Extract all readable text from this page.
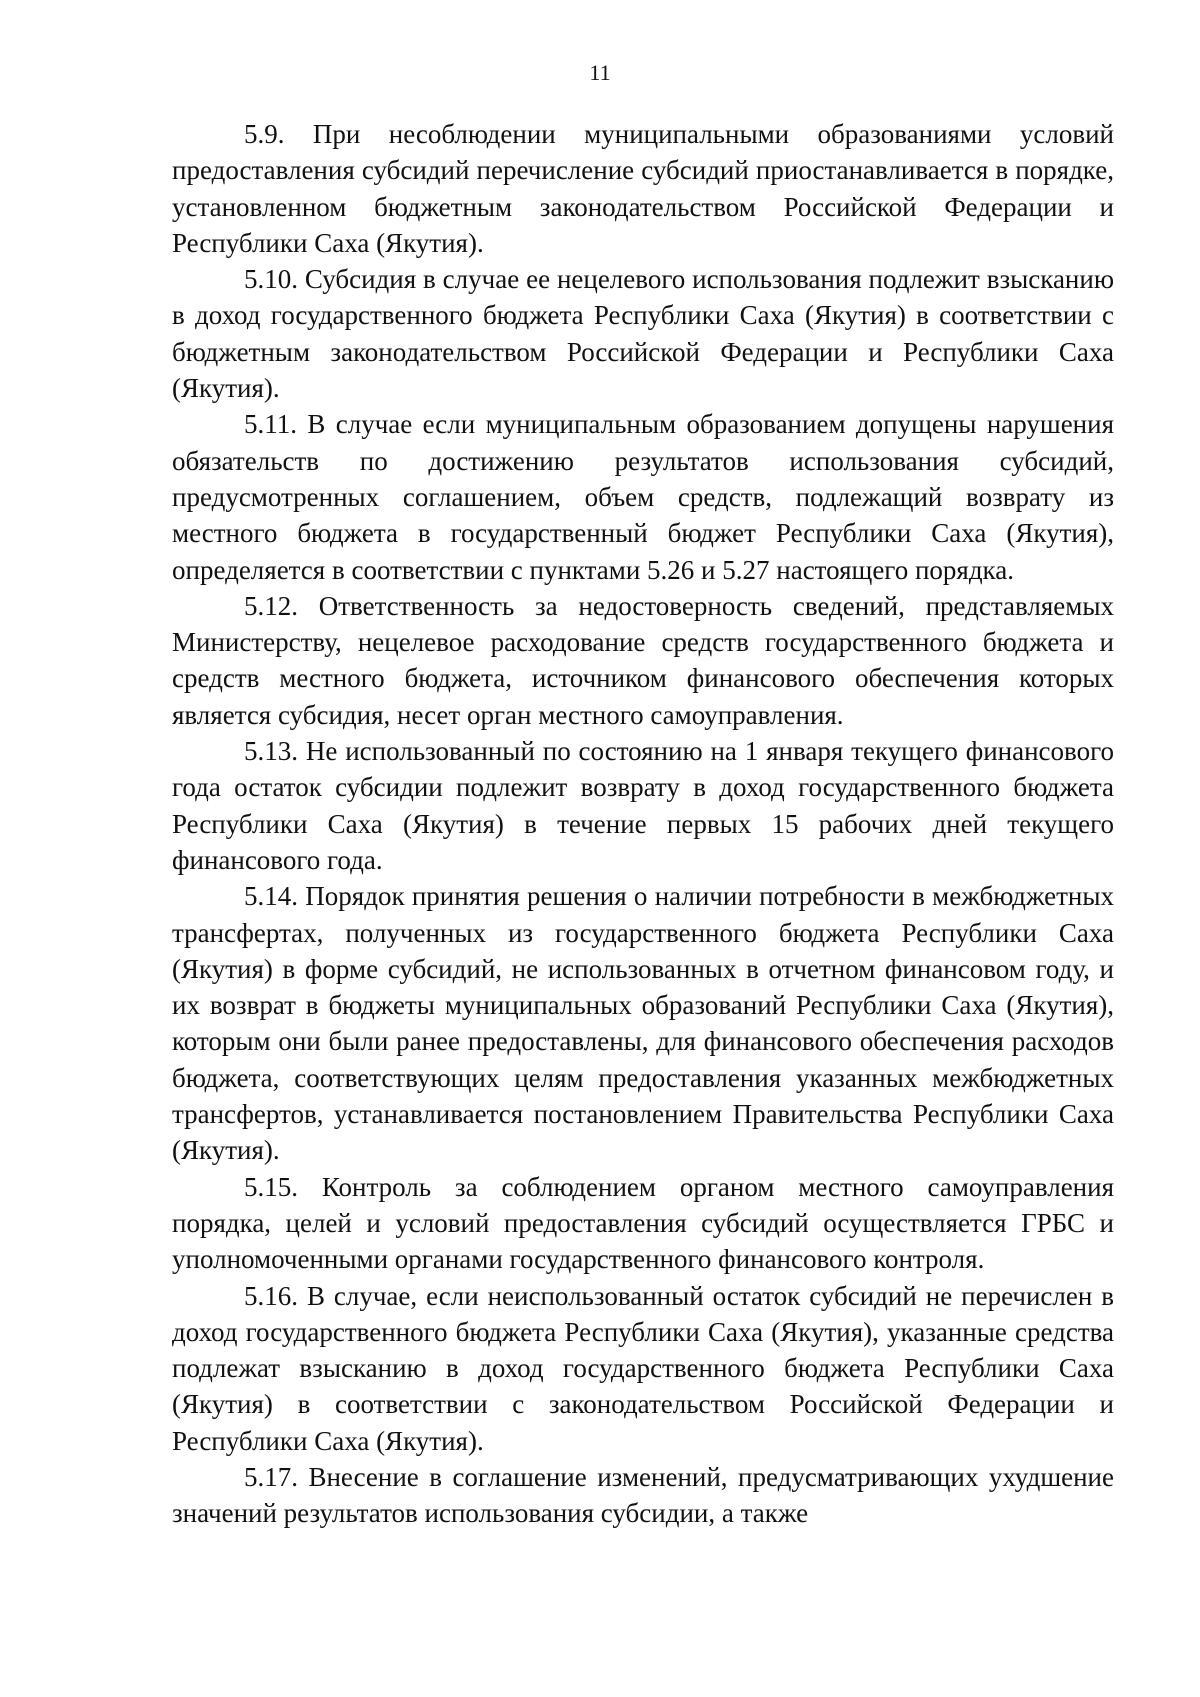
11

5.9. При несоблюдении муниципальными образованиями условий предоставления субсидий перечисление субсидий приостанавливается в порядке, установленном бюджетным законодательством Российской Федерации и Республики Саха (Якутия).

5.10. Субсидия в случае ее нецелевого использования подлежит взысканию в доход государственного бюджета Республики Саха (Якутия) в соответствии с бюджетным законодательством Российской Федерации и Республики Саха (Якутия).

5.11. В случае если муниципальным образованием допущены нарушения обязательств по достижению результатов использования субсидий, предусмотренных соглашением, объем средств, подлежащий возврату из местного бюджета в государственный бюджет Республики Саха (Якутия), определяется в соответствии с пунктами 5.26 и 5.27 настоящего порядка.

5.12. Ответственность за недостоверность сведений, представляемых Министерству, нецелевое расходование средств государственного бюджета и средств местного бюджета, источником финансового обеспечения которых является субсидия, несет орган местного самоуправления.

5.13. Не использованный по состоянию на 1 января текущего финансового года остаток субсидии подлежит возврату в доход государственного бюджета Республики Саха (Якутия) в течение первых 15 рабочих дней текущего финансового года.

5.14. Порядок принятия решения о наличии потребности в межбюджетных трансфертах, полученных из государственного бюджета Республики Саха (Якутия) в форме субсидий, не использованных в отчетном финансовом году, и их возврат в бюджеты муниципальных образований Республики Саха (Якутия), которым они были ранее предоставлены, для финансового обеспечения расходов бюджета, соответствующих целям предоставления указанных межбюджетных трансфертов, устанавливается постановлением Правительства Республики Саха (Якутия).

5.15. Контроль за соблюдением органом местного самоуправления порядка, целей и условий предоставления субсидий осуществляется ГРБС и уполномоченными органами государственного финансового контроля.

5.16. В случае, если неиспользованный остаток субсидий не перечислен в доход государственного бюджета Республики Саха (Якутия), указанные средства подлежат взысканию в доход государственного бюджета Республики Саха (Якутия) в соответствии с законодательством Российской Федерации и Республики Саха (Якутия).

5.17. Внесение в соглашение изменений, предусматривающих ухудшение значений результатов использования субсидии, а также
